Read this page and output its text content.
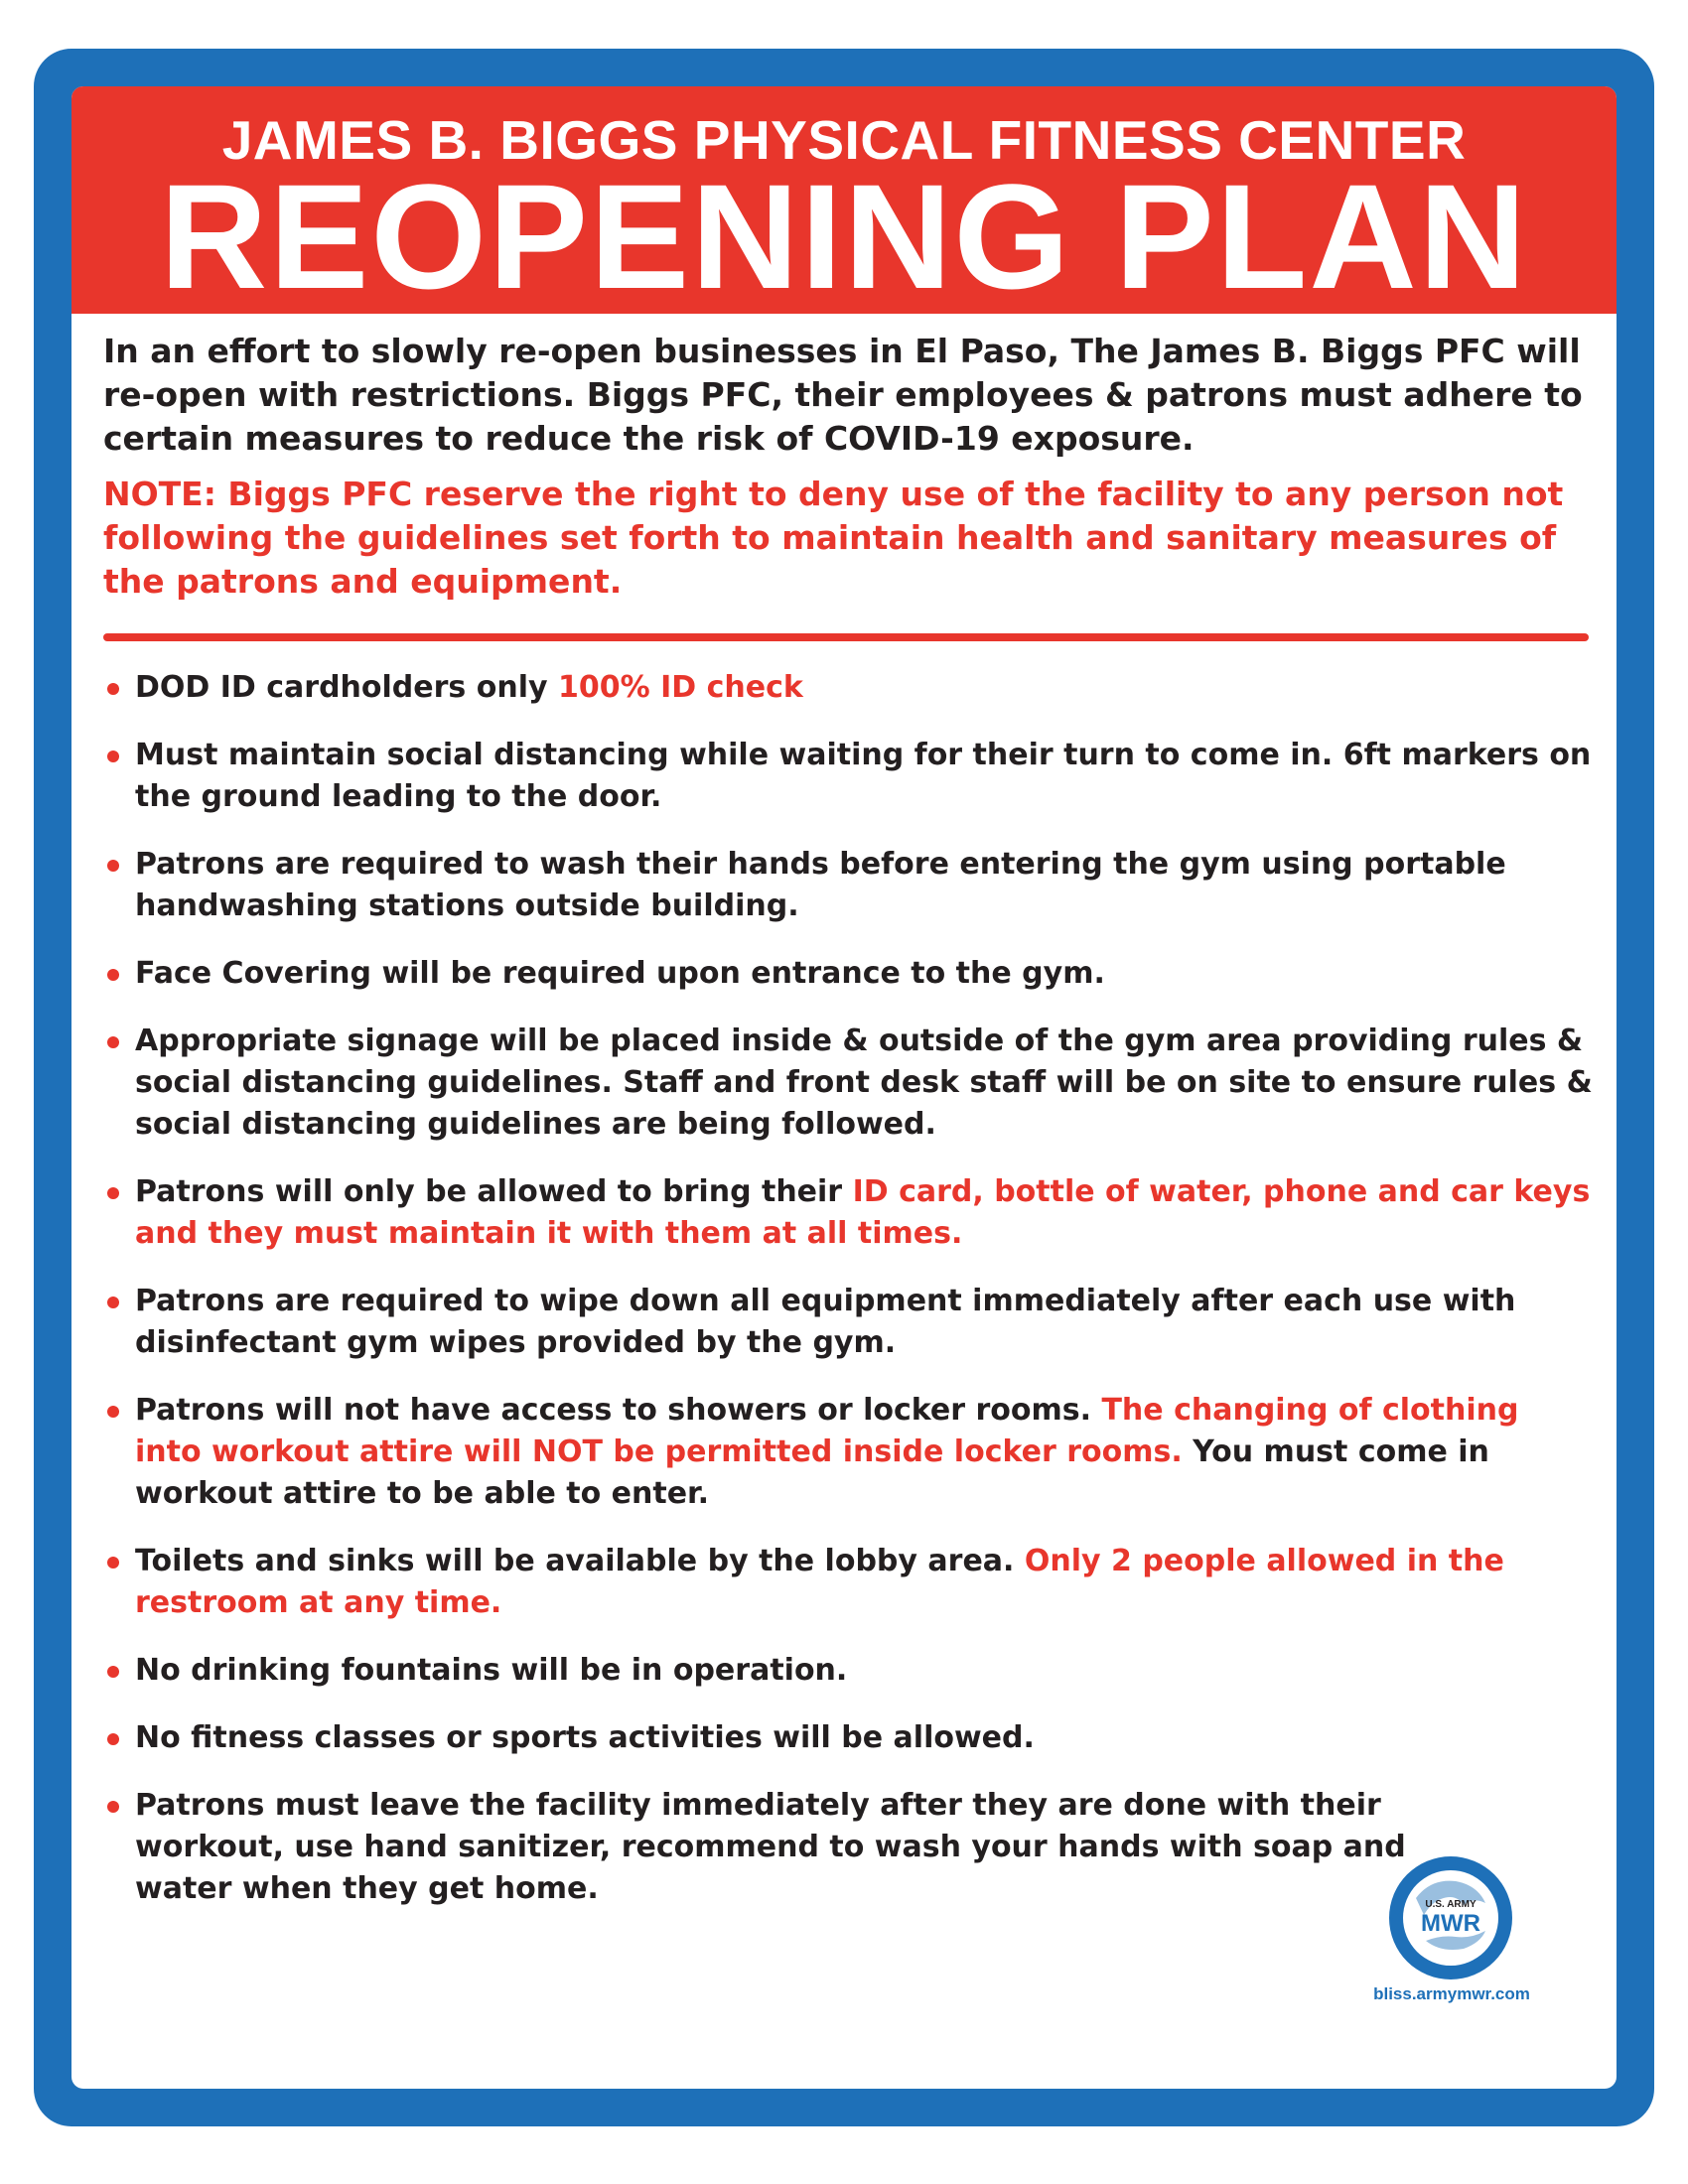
JAMES B. BIGGS PHYSICAL FITNESS CENTER
REOPENING PLAN

In an effort to slowly re-open businesses in El Paso, The James B. Biggs PFC will re-open with restrictions. Biggs PFC, their employees & patrons must adhere to certain measures to reduce the risk of COVID-19 exposure.

NOTE: Biggs PFC reserve the right to deny use of the facility to any person not following the guidelines set forth to maintain health and sanitary measures of the patrons and equipment.

DOD ID cardholders only 100% ID check
Must maintain social distancing while waiting for their turn to come in. 6ft markers on the ground leading to the door.
Patrons are required to wash their hands before entering the gym using portable handwashing stations outside building.
Face Covering will be required upon entrance to the gym.
Appropriate signage will be placed inside & outside of the gym area providing rules & social distancing guidelines. Staff and front desk staff will be on site to ensure rules & social distancing guidelines are being followed.
Patrons will only be allowed to bring their ID card, bottle of water, phone and car keys and they must maintain it with them at all times.
Patrons are required to wipe down all equipment immediately after each use with disinfectant gym wipes provided by the gym.
Patrons will not have access to showers or locker rooms. The changing of clothing into workout attire will NOT be permitted inside locker rooms. You must come in workout attire to be able to enter.
Toilets and sinks will be available by the lobby area. Only 2 people allowed in the restroom at any time.
No drinking fountains will be in operation.
No fitness classes or sports activities will be allowed.
Patrons must leave the facility immediately after they are done with their workout, use hand sanitizer, recommend to wash your hands with soap and water when they get home.	U.S. ARMY
MWR
bliss.armymwr.com
